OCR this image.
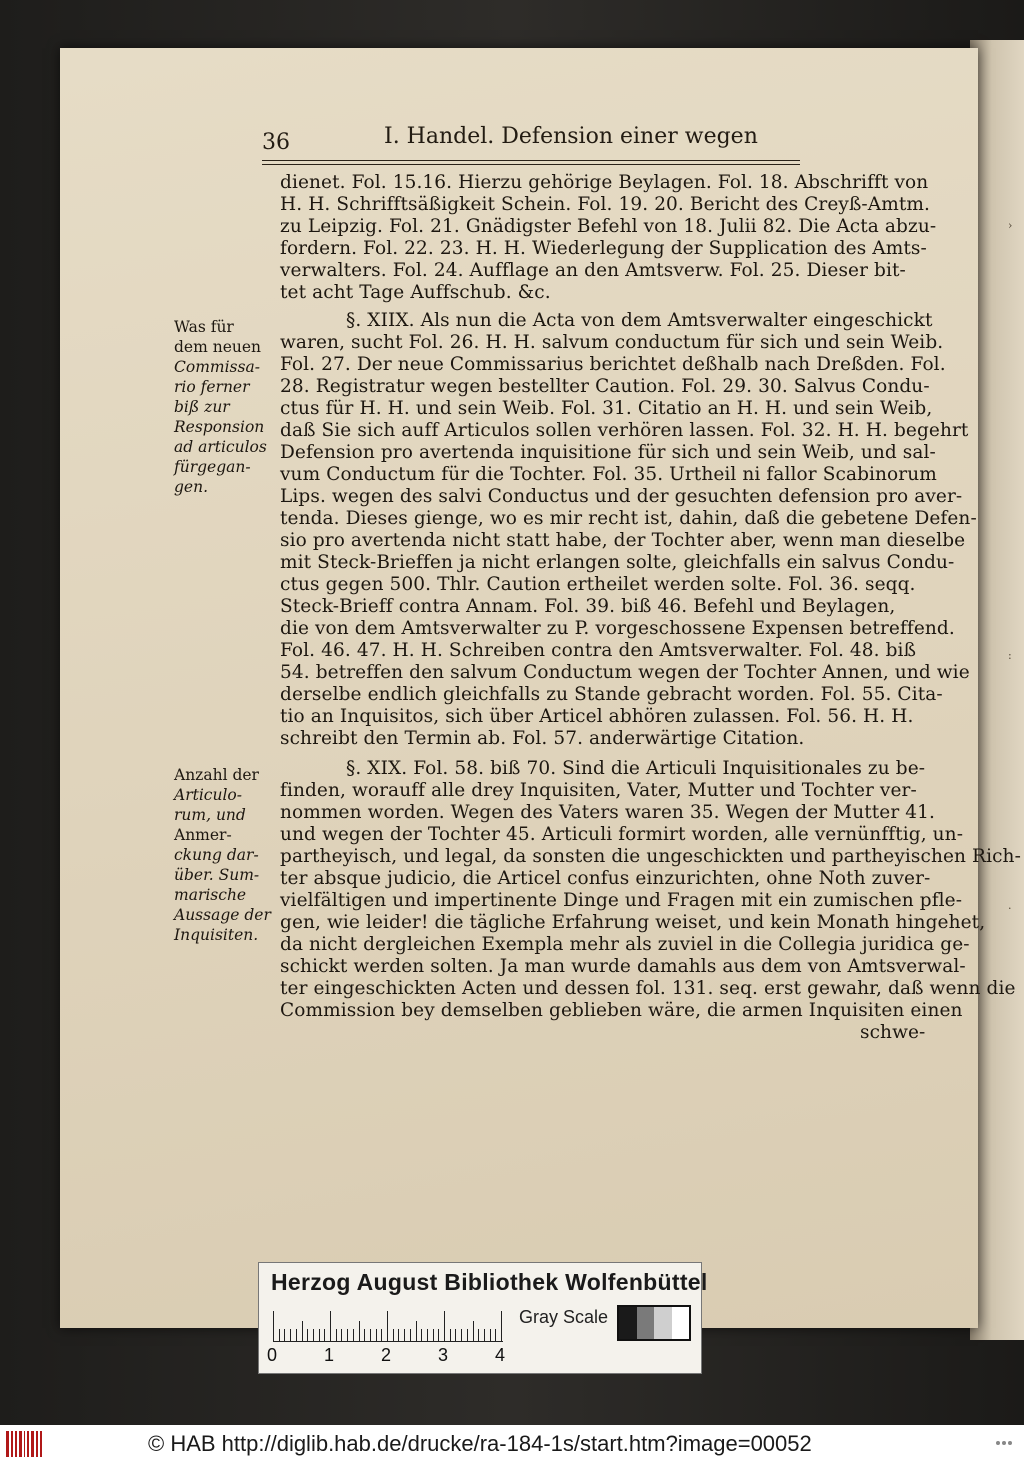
›
:
.
36	I. Handel. Defension einer wegen
dienet. Fol. 15.16. Hierzu gehörige Beylagen. Fol. 18. Abschrifft von
H. H. Schrifftsäßigkeit Schein. Fol. 19. 20. Bericht des Creyß-Amtm.
zu Leipzig. Fol. 21. Gnädigster Befehl von 18. Julii 82. Die Acta abzu-
fordern. Fol. 22. 23. H. H. Wiederlegung der Supplication des Amts-
verwalters. Fol. 24. Aufflage an den Amtsverw. Fol. 25. Dieser bit-
tet acht Tage Auffschub. &c.
§. XIIX. Als nun die Acta von dem Amtsverwalter eingeschickt
waren, sucht Fol. 26. H. H. salvum conductum für sich und sein Weib.
Fol. 27. Der neue Commissarius berichtet deßhalb nach Dreßden. Fol.
28. Registratur wegen bestellter Caution. Fol. 29. 30. Salvus Condu-
ctus für H. H. und sein Weib. Fol. 31. Citatio an H. H. und sein Weib,
daß Sie sich auff Articulos sollen verhören lassen. Fol. 32. H. H. begehrt
Defension pro avertenda inquisitione für sich und sein Weib, und sal-
vum Conductum für die Tochter. Fol. 35. Urtheil ni fallor Scabinorum
Lips. wegen des salvi Conductus und der gesuchten defension pro aver-
tenda. Dieses gienge, wo es mir recht ist, dahin, daß die gebetene Defen-
sio pro avertenda nicht statt habe, der Tochter aber, wenn man dieselbe
mit Steck-Brieffen ja nicht erlangen solte, gleichfalls ein salvus Condu-
ctus gegen 500. Thlr. Caution ertheilet werden solte. Fol. 36. seqq.
Steck-Brieff contra Annam. Fol. 39. biß 46. Befehl und Beylagen,
die von dem Amtsverwalter zu P. vorgeschossene Expensen betreffend.
Fol. 46. 47. H. H. Schreiben contra den Amtsverwalter. Fol. 48. biß
54. betreffen den salvum Conductum wegen der Tochter Annen, und wie
derselbe endlich gleichfalls zu Stande gebracht worden. Fol. 55. Cita-
tio an Inquisitos, sich über Articel abhören zulassen. Fol. 56. H. H.
schreibt den Termin ab. Fol. 57. anderwärtige Citation.
§. XIX. Fol. 58. biß 70. Sind die Articuli Inquisitionales zu be-
finden, worauff alle drey Inquisiten, Vater, Mutter und Tochter ver-
nommen worden. Wegen des Vaters waren 35. Wegen der Mutter 41.
und wegen der Tochter 45. Articuli formirt worden, alle vernünfftig, un-
partheyisch, und legal, da sonsten die ungeschickten und partheyischen Rich-
ter absque judicio, die Articel confus einzurichten, ohne Noth zuver-
vielfältigen und impertinente Dinge und Fragen mit ein zumischen pfle-
gen, wie leider! die tägliche Erfahrung weiset, und kein Monath hingehet,
da nicht dergleichen Exempla mehr als zuviel in die Collegia juridica ge-
schickt werden solten. Ja man wurde damahls aus dem von Amtsverwal-
ter eingeschickten Acten und dessen fol. 131. seq. erst gewahr, daß wenn die
Commission bey demselben geblieben wäre, die armen Inquisiten einen
schwe-
Was für
dem neuen
Commissa-
rio ferner
biß zur
Responsion
ad articulos
fürgegan-
gen.
Anzahl der
Articulo-
rum, und
Anmer-
ckung dar-
über. Sum-
marische
Aussage der
Inquisiten.
Herzog August Bibliothek Wolfenbüttel
0	1	2	3	4
Gray Scale
© HAB http://diglib.hab.de/drucke/ra-184-1s/start.htm?image=00052
